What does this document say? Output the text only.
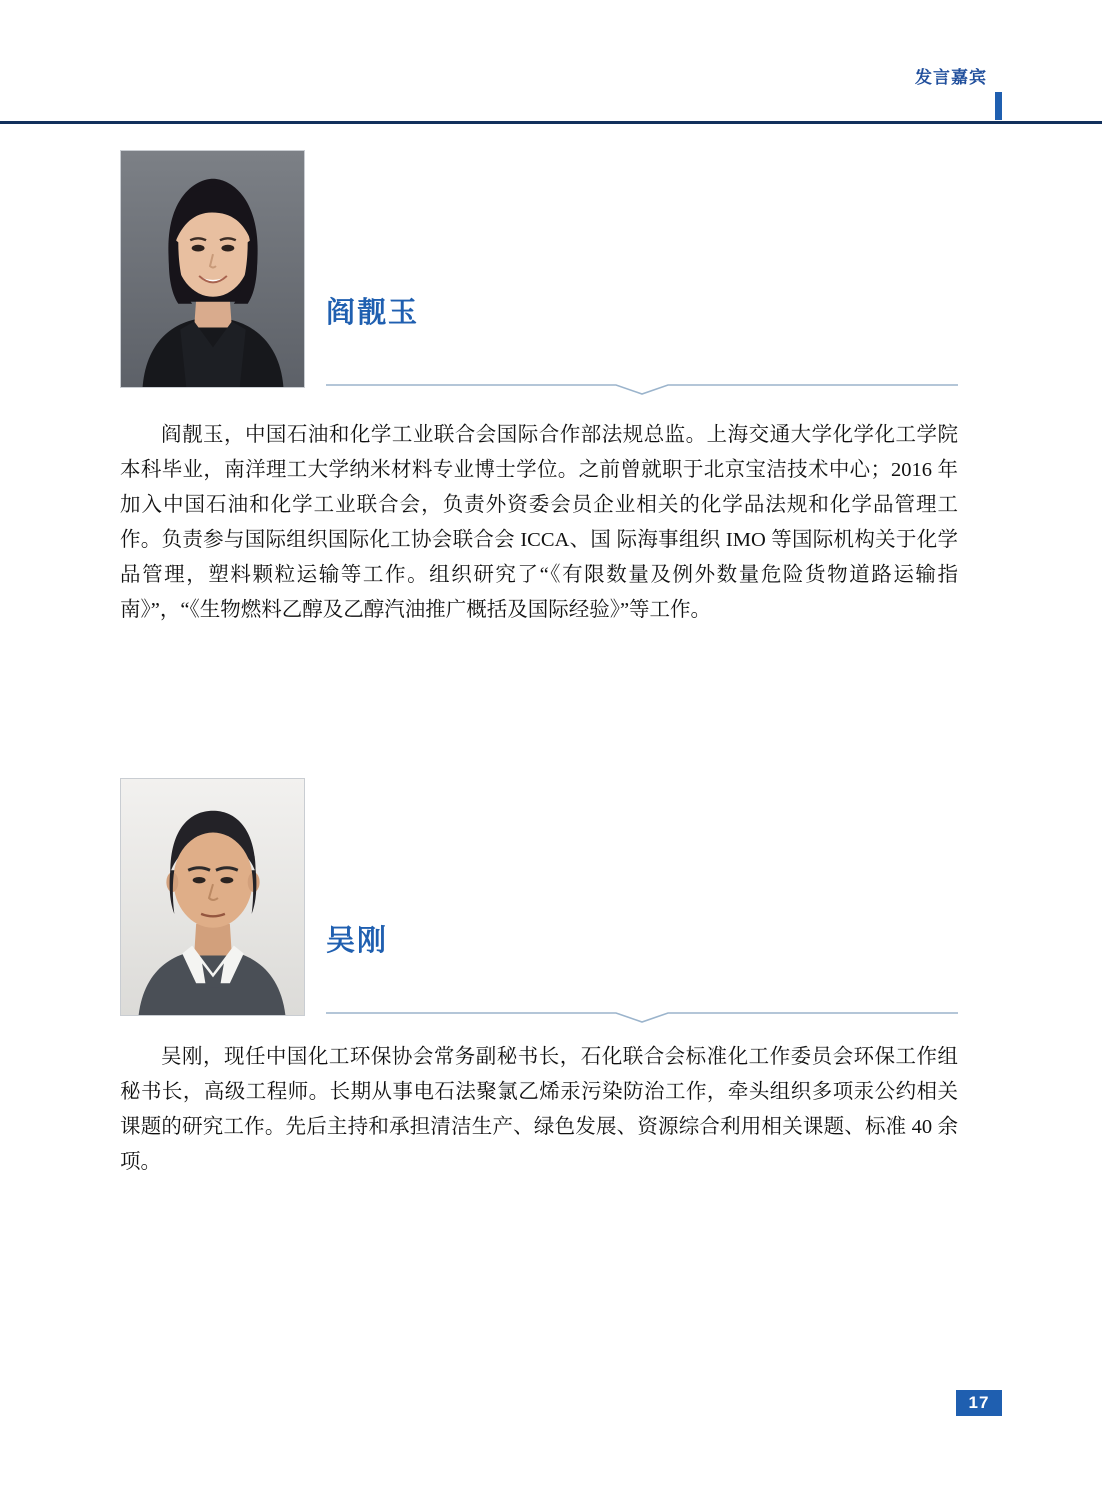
发言嘉宾
阎靓玉
阎靓玉，中国石油和化学工业联合会国际合作部法规总监。上海交通大学化学化工学院本科毕业，南洋理工大学纳米材料专业博士学位。之前曾就职于北京宝洁技术中心；2016 年加入中国石油和化学工业联合会，负责外资委会员企业相关的化学品法规和化学品管理工作。负责参与国际组织国际化工协会联合会 ICCA、国 际海事组织 IMO 等国际机构关于化学品管理，塑料颗粒运输等工作。组织研究了“《有限数量及例外数量危险货物道路运输指南》”，“《生物燃料乙醇及乙醇汽油推广概括及国际经验》”等工作。
吴刚
吴刚，现任中国化工环保协会常务副秘书长，石化联合会标准化工作委员会环保工作组秘书长，高级工程师。长期从事电石法聚氯乙烯汞污染防治工作，牵头组织多项汞公约相关课题的研究工作。先后主持和承担清洁生产、绿色发展、资源综合利用相关课题、标准 40 余项。
17
